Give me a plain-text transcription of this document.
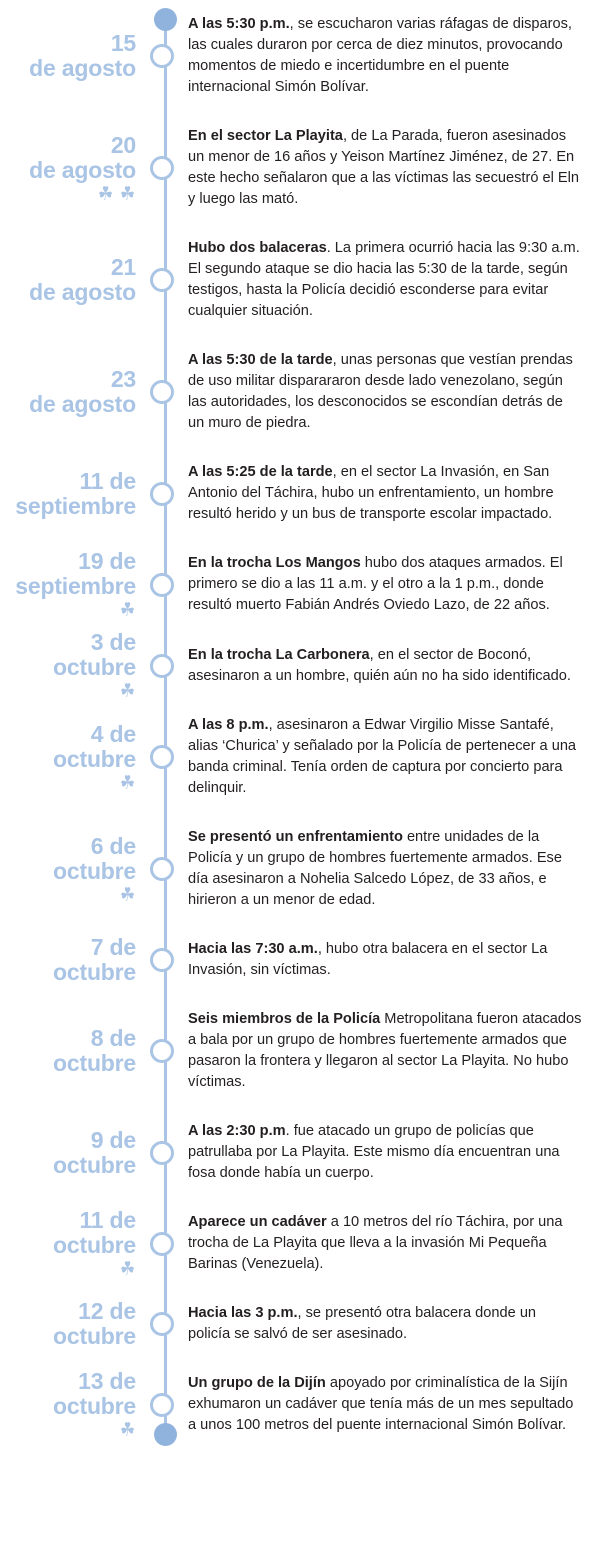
15
de agosto
A las 5:30 p.m., se escucharon varias ráfagas de disparos, las cuales duraron por cerca de diez minutos, provocando momentos de miedo e incertidumbre en el puente internacional Simón Bolívar.
20
de agosto
☘ ☘
En el sector La Playita, de La Parada, fueron asesinados un menor de 16 años y Yeison Martínez Jiménez, de 27. En este hecho señalaron que a las víctimas las secuestró el Eln y luego las mató.
21
de agosto
Hubo dos balaceras. La primera ocurrió hacia las 9:30 a.m. El segundo ataque se dio hacia las 5:30 de la tarde, según testigos, hasta la Policía decidió esconderse para evitar cualquier situación.
23
de agosto
A las 5:30 de la tarde, unas personas que vestían prendas de uso militar disparararon desde lado venezolano, según las autoridades, los desconocidos se escondían detrás de un muro de piedra.
11 de
septiembre
A las 5:25 de la tarde, en el sector La Invasión, en San Antonio del Táchira, hubo un enfrentamiento, un hombre resultó herido y un bus de transporte escolar impactado.
19 de
septiembre
☘
En la trocha Los Mangos hubo dos ataques armados. El primero se dio a las 11 a.m. y el otro a la 1 p.m., donde resultó muerto Fabián Andrés Oviedo Lazo, de 22 años.
3 de
octubre
☘
En la trocha La Carbonera, en el sector de Boconó, asesinaron a un hombre, quién aún no ha sido identificado.
4 de
octubre
☘
A las 8 p.m., asesinaron a Edwar Virgilio Misse Santafé, alias ‘Churica’ y señalado por la Policía de pertenecer a una banda criminal. Tenía orden de captura por concierto para delinquir.
6 de
octubre
☘
Se presentó un enfrentamiento entre unidades de la Policía y un grupo de hombres fuertemente armados. Ese día asesinaron a Nohelia Salcedo López, de 33 años, e hirieron a un menor de edad.
7 de
octubre
Hacia las 7:30 a.m., hubo otra balacera en el sector La Invasión, sin víctimas.
8 de
octubre
Seis miembros de la Policía Metropolitana fueron atacados a bala por un grupo de hombres fuertemente armados que pasaron la frontera y llegaron al sector La Playita. No hubo víctimas.
9 de
octubre
A las 2:30 p.m. fue atacado un grupo de policías que patrullaba por La Playita. Este mismo día encuentran una fosa donde había un cuerpo.
11 de
octubre
☘
Aparece un cadáver a 10 metros del río Táchira, por una trocha de La Playita que lleva a la invasión Mi Pequeña Barinas (Venezuela).
12 de
octubre
Hacia las 3 p.m., se presentó otra balacera donde un policía se salvó de ser asesinado.
13 de
octubre
☘
Un grupo de la Dijín apoyado por criminalística de la Sijín exhumaron un cadáver que tenía más de un mes sepultado a unos 100 metros del puente internacional Simón Bolívar.
